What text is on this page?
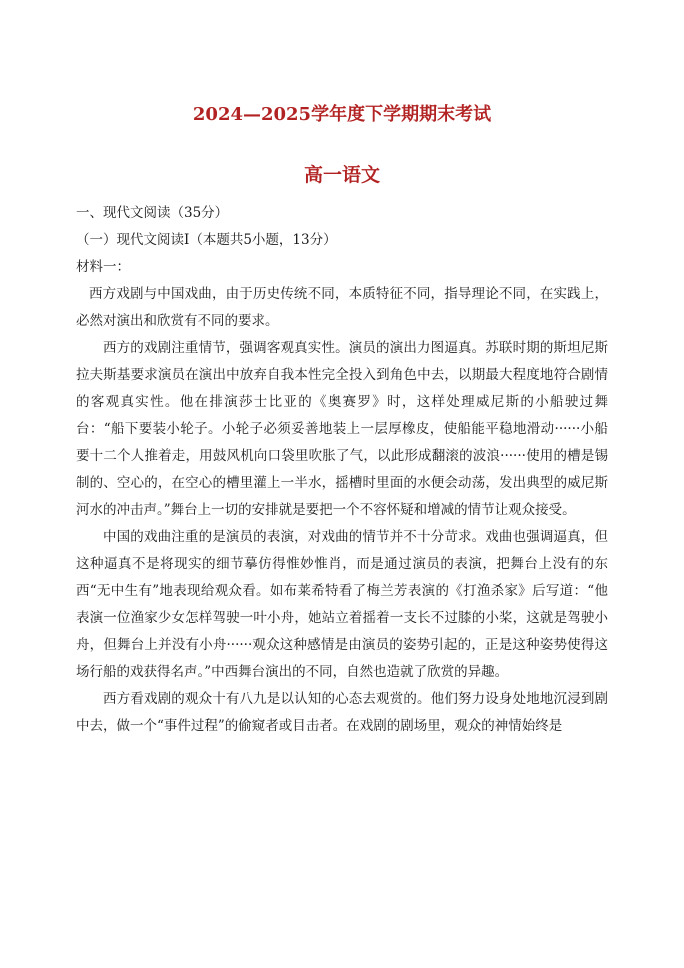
2024—2025学年度下学期期末考试
高一语文
一、现代文阅读（35分）
（一）现代文阅读Ⅰ（本题共5小题，13分）
材料一：

西方戏剧与中国戏曲，由于历史传统不同，本质特征不同，指导理论不同，在实践上，必然对演出和欣赏有不同的要求。

西方的戏剧注重情节，强调客观真实性。演员的演出力图逼真。苏联时期的斯坦尼斯拉夫斯基要求演员在演出中放弃自我本性完全投入到角色中去，以期最大程度地符合剧情的客观真实性。他在排演莎士比亚的《奥赛罗》时，这样处理威尼斯的小船驶过舞台：“船下要装小轮子。小轮子必须妥善地装上一层厚橡皮，使船能平稳地滑动······小船要十二个人推着走，用鼓风机向口袋里吹胀了气，以此形成翻滚的波浪······使用的槽是锡制的、空心的，在空心的槽里灌上一半水，摇槽时里面的水便会动荡，发出典型的威尼斯河水的冲击声。”舞台上一切的安排就是要把一个不容怀疑和增减的情节让观众接受。

中国的戏曲注重的是演员的表演，对戏曲的情节并不十分苛求。戏曲也强调逼真，但这种逼真不是将现实的细节摹仿得惟妙惟肖，而是通过演员的表演，把舞台上没有的东西“无中生有”地表现给观众看。如布莱希特看了梅兰芳表演的《打渔杀家》后写道：“他表演一位渔家少女怎样驾驶一叶小舟，她站立着摇着一支长不过膝的小桨，这就是驾驶小舟，但舞台上并没有小舟······观众这种感情是由演员的姿势引起的，正是这种姿势使得这场行船的戏获得名声。”中西舞台演出的不同，自然也造就了欣赏的异趣。

西方看戏剧的观众十有八九是以认知的心态去观赏的。他们努力设身处地地沉浸到剧中去，做一个“事件过程”的偷窥者或目击者。在戏剧的剧场里，观众的神情始终是
